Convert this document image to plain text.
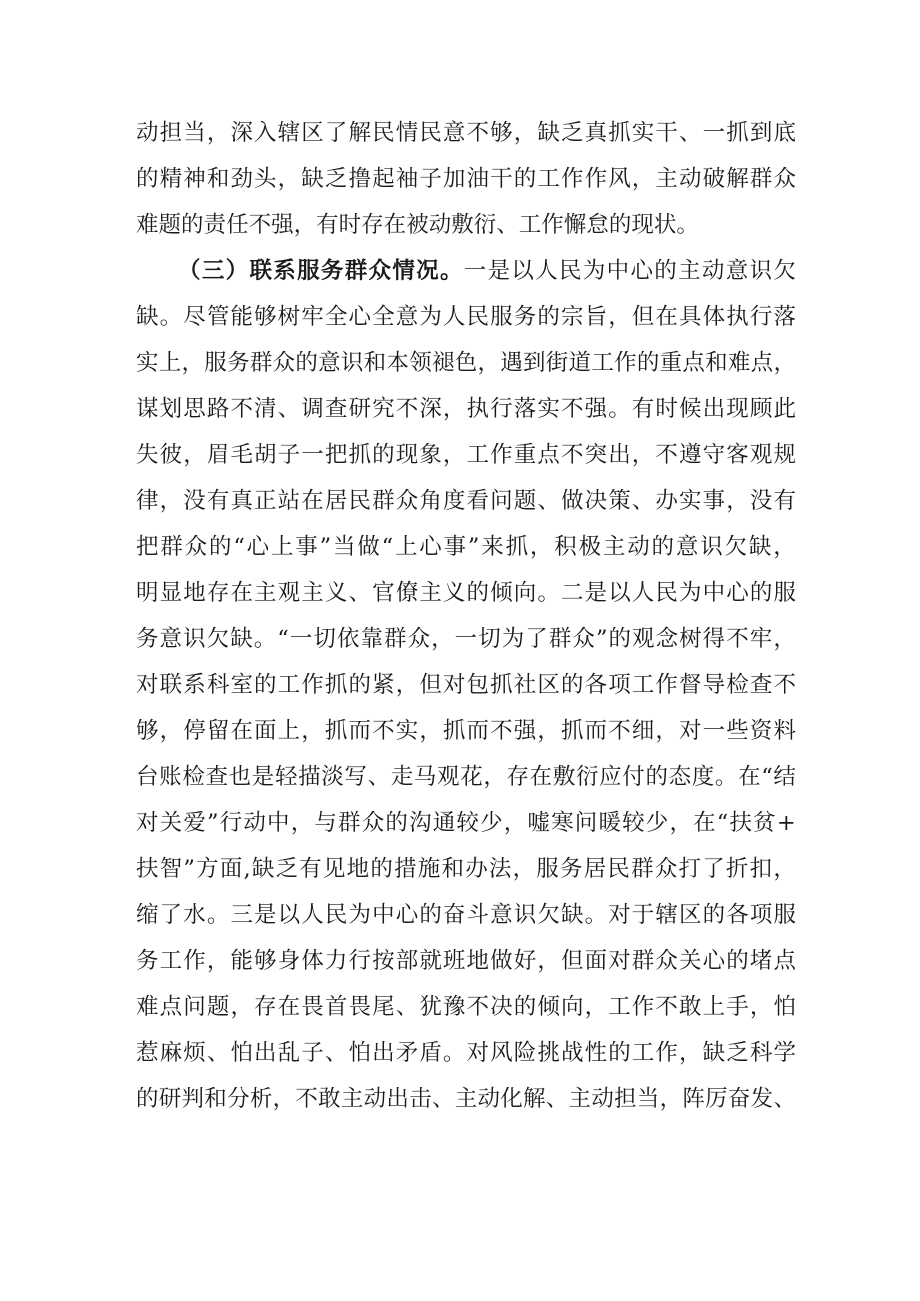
动 担 当 ， 深 入 辖 区 了 解 民 情 民 意 不 够 ， 缺 乏 真 抓 实 干 、 一 抓 到 底
的 精 神 和 劲 头 ， 缺 乏 撸 起 袖 子 加 油 干 的 工 作 作 风 ， 主 动 破 解 群 众
难 题 的 责 任 不 强 ， 有 时 存 在 被 动 敷 衍 、 工 作 懈 怠 的 现 状 。
（ 三 ） 联 系 服 务 群 众 情 况 。 一 是 以 人 民 为 中 心 的 主 动 意 识 欠
缺 。 尽 管 能 够 树 牢 全 心 全 意 为 人 民 服 务 的 宗 旨 ， 但 在 具 体 执 行 落
实 上 ， 服 务 群 众 的 意 识 和 本 领 褪 色 ， 遇 到 街 道 工 作 的 重 点 和 难 点 ，
谋 划 思 路 不 清 、 调 查 研 究 不 深 ， 执 行 落 实 不 强 。 有 时 候 出 现 顾 此
失 彼 ， 眉 毛 胡 子 一 把 抓 的 现 象 ， 工 作 重 点 不 突 出 ， 不 遵 守 客 观 规
律 ， 没 有 真 正 站 在 居 民 群 众 角 度 看 问 题 、 做 决 策 、 办 实 事 ， 没 有
把 群 众 的 “ 心 上 事 ” 当 做 “ 上 心 事 ” 来 抓 ， 积 极 主 动 的 意 识 欠 缺 ，
明 显 地 存 在 主 观 主 义 、 官 僚 主 义 的 倾 向 。 二 是 以 人 民 为 中 心 的 服
务 意 识 欠 缺 。 “ 一 切 依 靠 群 众 ， 一 切 为 了 群 众 ” 的 观 念 树 得 不 牢 ，
对 联 系 科 室 的 工 作 抓 的 紧 ， 但 对 包 抓 社 区 的 各 项 工 作 督 导 检 查 不
够 ， 停 留 在 面 上 ， 抓 而 不 实 ， 抓 而 不 强 ， 抓 而 不 细 ， 对 一 些 资 料
台 账 检 查 也 是 轻 描 淡 写 、 走 马 观 花 ， 存 在 敷 衍 应 付 的 态 度 。 在 “ 结
对 关 爱 ” 行 动 中 ， 与 群 众 的 沟 通 较 少 ， 嘘 寒 问 暖 较 少 ， 在 “ 扶 贫 +
扶 智 ” 方 面 , 缺 乏 有 见 地 的 措 施 和 办 法 ， 服 务 居 民 群 众 打 了 折 扣 ，
缩 了 水 。 三 是 以 人 民 为 中 心 的 奋 斗 意 识 欠 缺 。 对 于 辖 区 的 各 项 服
务 工 作 ， 能 够 身 体 力 行 按 部 就 班 地 做 好 ， 但 面 对 群 众 关 心 的 堵 点
难 点 问 题 ， 存 在 畏 首 畏 尾 、 犹 豫 不 决 的 倾 向 ， 工 作 不 敢 上 手 ， 怕
惹 麻 烦 、 怕 出 乱 子 、 怕 出 矛 盾 。 对 风 险 挑 战 性 的 工 作 ， 缺 乏 科 学
的 研 判 和 分 析 ， 不 敢 主 动 出 击 、 主 动 化 解 、 主 动 担 当 ， 阵 厉 奋 发 、
